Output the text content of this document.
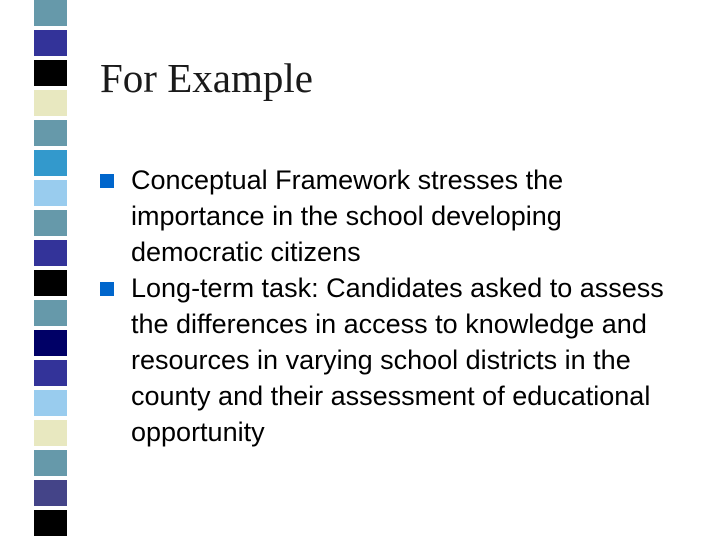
For Example

Conceptual Framework stresses the importance in the school developing democratic citizens

Long-term task: Candidates asked to assess the differences in access to knowledge and resources in varying school districts in the county and their assessment of educational opportunity
